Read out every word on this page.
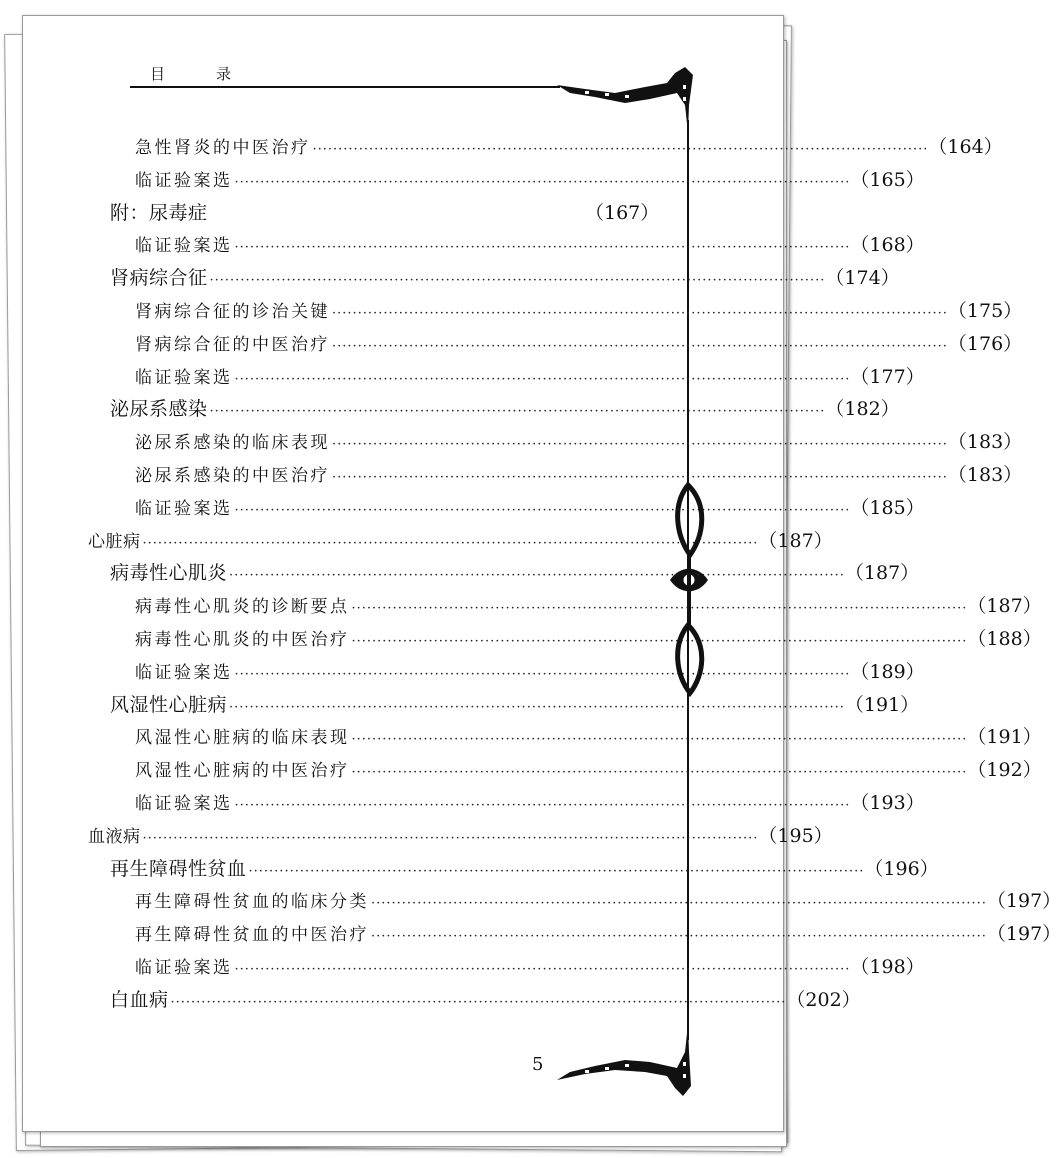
目　录
急性肾炎的中医治疗 ························································································································ （164）
临证验案选 ························································································································ （165）
附：尿毒症	（167）
临证验案选 ························································································································ （168）
肾病综合征 ························································································································ （174）
肾病综合征的诊治关键 ························································································································ （175）
肾病综合征的中医治疗 ························································································································ （176）
临证验案选 ························································································································ （177）
泌尿系感染 ························································································································ （182）
泌尿系感染的临床表现 ························································································································ （183）
泌尿系感染的中医治疗 ························································································································ （183）
临证验案选 ························································································································ （185）
心脏病 ························································································································ （187）
病毒性心肌炎 ························································································································ （187）
病毒性心肌炎的诊断要点 ························································································································ （187）
病毒性心肌炎的中医治疗 ························································································································ （188）
临证验案选 ························································································································ （189）
风湿性心脏病 ························································································································ （191）
风湿性心脏病的临床表现 ························································································································ （191）
风湿性心脏病的中医治疗 ························································································································ （192）
临证验案选 ························································································································ （193）
血液病 ························································································································ （195）
再生障碍性贫血 ························································································································ （196）
再生障碍性贫血的临床分类 ························································································································ （197）
再生障碍性贫血的中医治疗 ························································································································ （197）
临证验案选 ························································································································ （198）
白血病 ························································································································ （202）
5
